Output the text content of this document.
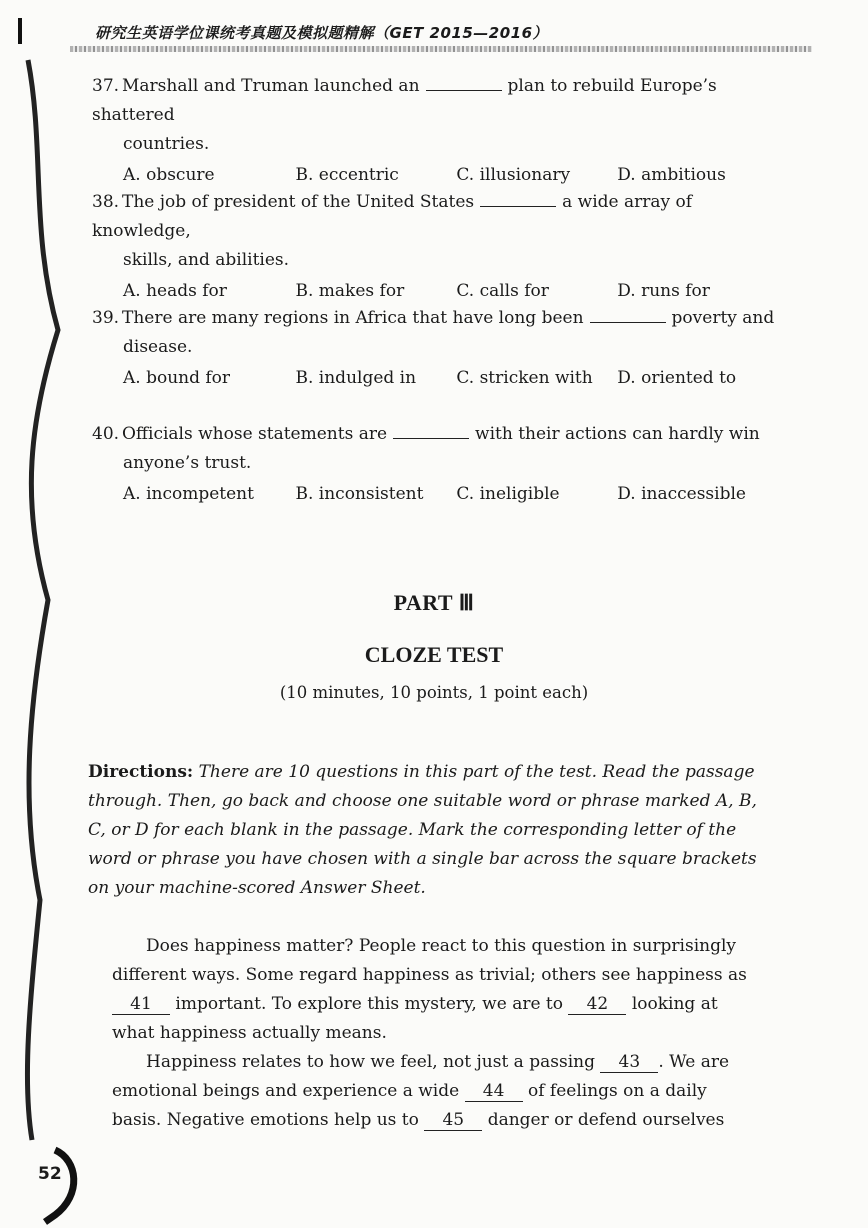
研究生英语学位课统考真题及模拟题精解（GET 2015—2016）

37. Marshall and Truman launched an	plan to rebuild Europe’s shattered

countries.

A. obscure	B. eccentric	C. illusionary	D. ambitious

38. The job of president of the United States	a wide array of knowledge,

skills, and abilities.

A. heads for	B. makes for	C. calls for	D. runs for

39. There are many regions in Africa that have long been	poverty and

disease.

A. bound for	B. indulged in	C. stricken with	D. oriented to

40. Officials whose statements are	with their actions can hardly win

anyone’s trust.

A. incompetent	B. inconsistent	C. ineligible	D. inaccessible
PART Ⅲ
CLOZE TEST
(10 minutes, 10 points, 1 point each)
Directions: There are 10 questions in this part of the test. Read the passage through. Then, go back and choose one suitable word or phrase marked A, B, C, or D for each blank in the passage. Mark the corresponding letter of the word or phrase you have chosen with a single bar across the square brackets on your machine-scored Answer Sheet.

Does happiness matter? People react to this question in surprisingly different ways. Some regard happiness as trivial; others see happiness as 41 important. To explore this mystery, we are to 42 looking at what happiness actually means.

Happiness relates to how we feel, not just a passing 43 . We are emotional beings and experience a wide 44 of feelings on a daily basis. Negative emotions help us to 45 danger or defend ourselves

52
